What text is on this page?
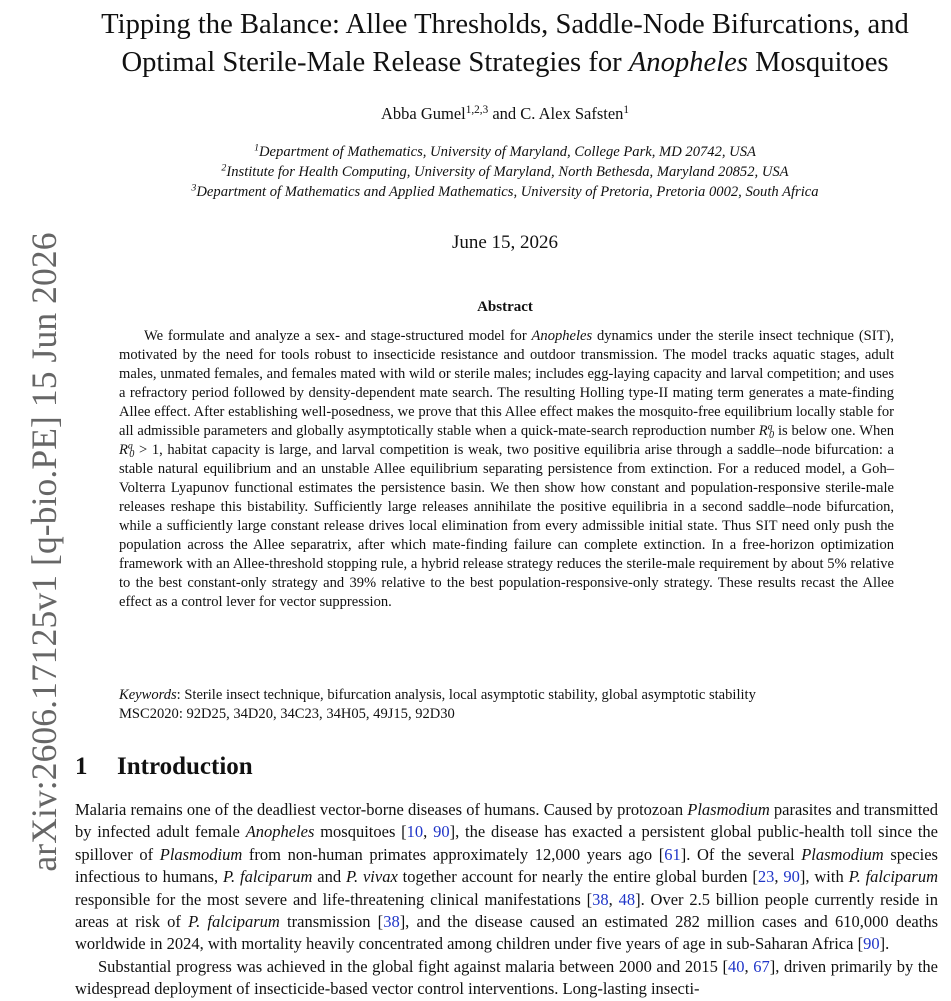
arXiv:2606.17125v1 [q-bio.PE] 15 Jun 2026
Tipping the Balance: Allee Thresholds, Saddle-Node Bifurcations, and
Optimal Sterile-Male Release Strategies for Anopheles Mosquitoes
Abba Gumel$^{1,2,3}$ and C. Alex Safsten$^1$
$^1$Department of Mathematics, University of Maryland, College Park, MD 20742, USA
$^2$Institute for Health Computing, University of Maryland, North Bethesda, Maryland 20852, USA
$^3$Department of Mathematics and Applied Mathematics, University of Pretoria, Pretoria 0002, South Africa
June 15, 2026
Abstract

We formulate and analyze a sex- and stage-structured model for Anopheles dynamics under the sterile insect technique (SIT), motivated by the need for tools robust to insecticide resistance and outdoor transmission. The model tracks aquatic stages, adult males, unmated females, and females mated with wild or sterile males; includes egg-laying capacity and larval competition; and uses a refractory period followed by density-dependent mate search. The resulting Holling type-II mating term generates a mate-finding Allee effect. After establishing well-posedness, we prove that this Allee effect makes the mosquito-free equilibrium locally stable for all admissible parameters and globally asymptotically stable when a quick-mate-search reproduction number $R^q_0$ is below one. When $R^q_0 > 1$, habitat capacity is large, and larval competition is weak, two positive equilibria arise through a saddle–node bifurcation: a stable natural equilibrium and an unstable Allee equilibrium separating persistence from extinction. For a reduced model, a Goh–Volterra Lyapunov functional estimates the persistence basin. We then show how constant and population-responsive sterile-male releases reshape this bistability. Sufficiently large releases annihilate the positive equilibria in a second saddle–node bifurcation, while a sufficiently large constant release drives local elimination from every admissible initial state. Thus SIT need only push the population across the Allee separatrix, after which mate-finding failure can complete extinction. In a free-horizon optimization framework with an Allee-threshold stopping rule, a hybrid release strategy reduces the sterile-male requirement by about 5% relative to the best constant-only strategy and 39% relative to the best population-responsive-only strategy. These results recast the Allee effect as a control lever for vector suppression.

Keywords: Sterile insect technique, bifurcation analysis, local asymptotic stability, global asymptotic stability
MSC2020: 92D25, 34D20, 34C23, 34H05, 49J15, 92D30
1 Introduction

Malaria remains one of the deadliest vector-borne diseases of humans. Caused by protozoan Plasmodium parasites and transmitted by infected adult female Anopheles mosquitoes [10, 90], the disease has exacted a persistent global public-health toll since the spillover of Plasmodium from non-human primates approximately 12,000 years ago [61]. Of the several Plasmodium species infectious to humans, P. falciparum and P. vivax together account for nearly the entire global burden [23, 90], with P. falciparum responsible for the most severe and life-threatening clinical manifestations [38, 48]. Over 2.5 billion people currently reside in areas at risk of P. falciparum transmission [38], and the disease caused an estimated 282 million cases and 610,000 deaths worldwide in 2024, with mortality heavily concentrated among children under five years of age in sub-Saharan Africa [90].

Substantial progress was achieved in the global fight against malaria between 2000 and 2015 [40, 67], driven primarily by the widespread deployment of insecticide-based vector control interventions. Long-lasting insecti-
